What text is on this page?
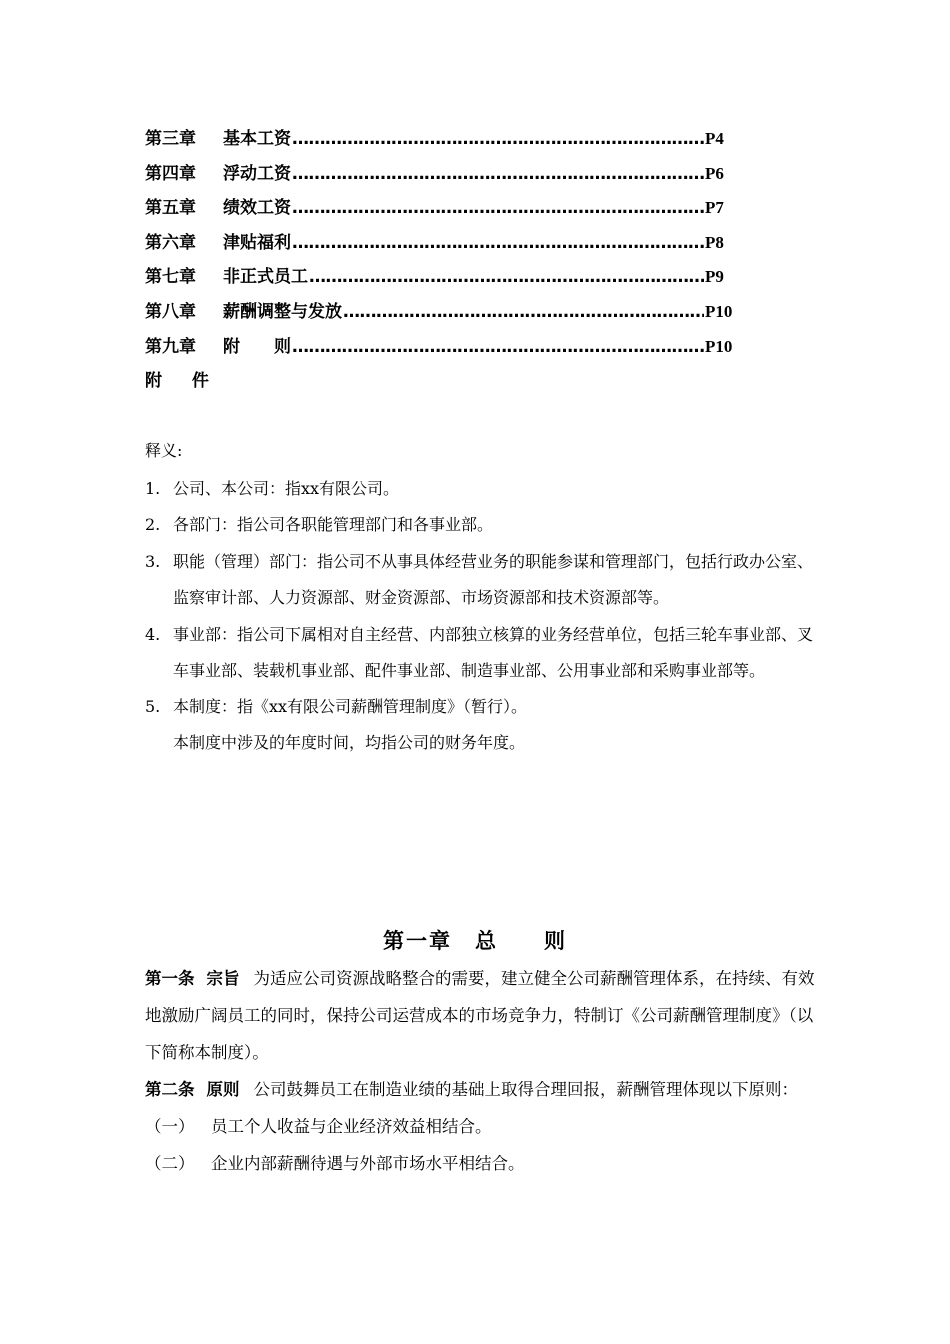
第三章	基本工资 ……………………………………………………………………………………………………………………	P4
第四章	浮动工资 ……………………………………………………………………………………………………………………	P6
第五章	绩效工资 ……………………………………………………………………………………………………………………	P7
第六章	津贴福利 ……………………………………………………………………………………………………………………	P8
第七章	非正式员工 ……………………………………………………………………………………………………………………	P9
第八章	薪酬调整与发放 ……………………………………………………………………………………………………………………	P10
第九章	附　　则 ……………………………………………………………………………………………………………………	P10
附 件
释义:
1. 公司、本公司：指xx有限公司。
2. 各部门：指公司各职能管理部门和各事业部。
3. 职能（管理）部门：指公司不从事具体经营业务的职能参谋和管理部门，包括行政办公室、监察审计部、人力资源部、财金资源部、市场资源部和技术资源部等。
4. 事业部：指公司下属相对自主经营、内部独立核算的业务经营单位，包括三轮车事业部、叉车事业部、装载机事业部、配件事业部、制造事业部、公用事业部和采购事业部等。
5. 本制度：指《xx有限公司薪酬管理制度》（暂行）。
本制度中涉及的年度时间，均指公司的财务年度。
第一章　总　　则
第一条 宗旨 为适应公司资源战略整合的需要，建立健全公司薪酬管理体系，在持续、有效地激励广阔员工的同时，保持公司运营成本的市场竞争力，特制订《公司薪酬管理制度》（以下简称本制度）。
第二条 原则 公司鼓舞员工在制造业绩的基础上取得合理回报，薪酬管理体现以下原则：
（一）	员工个人收益与企业经济效益相结合。
（二）	企业内部薪酬待遇与外部市场水平相结合。
